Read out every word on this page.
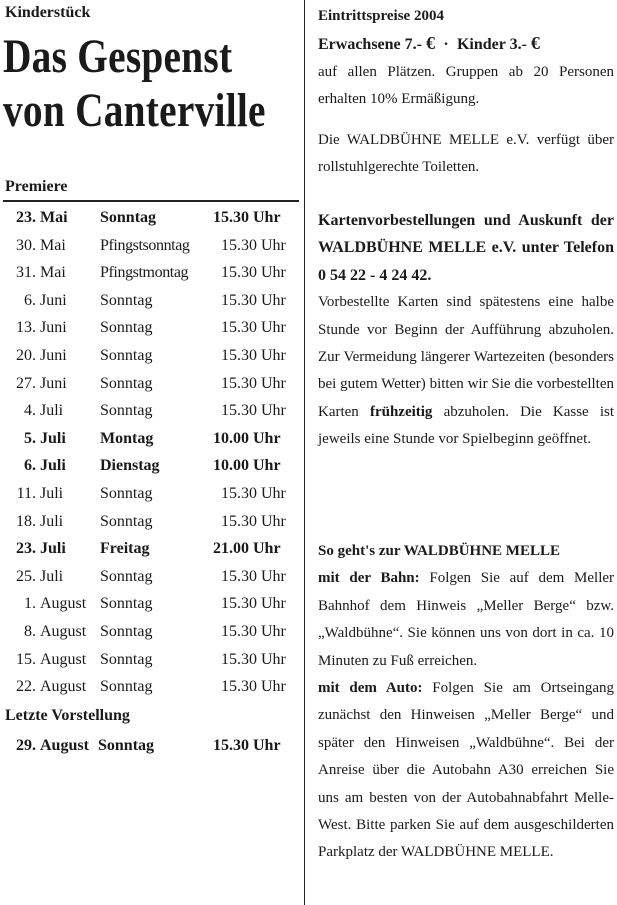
Kinderstück
Das Gespenst
von Canterville
Premiere
23. Mai Sonntag	15.30 Uhr
30. Mai Pfingstsonntag 15.30 Uhr
31. Mai Pfingstmontag 15.30 Uhr
6. Juni Sonntag	15.30 Uhr
13. Juni Sonntag	15.30 Uhr
20. Juni Sonntag	15.30 Uhr
27. Juni Sonntag	15.30 Uhr
4. Juli Sonntag	15.30 Uhr
5. Juli Montag	10.00 Uhr
6. Juli Dienstag	10.00 Uhr
11. Juli Sonntag	15.30 Uhr
18. Juli Sonntag	15.30 Uhr
23. Juli Freitag	21.00 Uhr
25. Juli Sonntag	15.30 Uhr
1. August Sonntag	15.30 Uhr
8. August Sonntag	15.30 Uhr
15. August Sonntag	15.30 Uhr
22. August Sonntag	15.30 Uhr
Letzte Vorstellung
29. August Sonntag	15.30 Uhr
Eintrittspreise 2004
Erwachsene 7.- € · Kinder 3.- €
auf allen Plätzen. Gruppen ab 20 Personen erhalten 10% Ermäßigung.
Die WALDBÜHNE MELLE e.V. verfügt über rollstuhlgerechte Toiletten.
Kartenvorbestellungen und Auskunft der WALDBÜHNE MELLE e.V. unter Telefon 0 54 22 - 4 24 42.
Vorbestellte Karten sind spätestens eine halbe Stunde vor Beginn der Aufführung abzuholen. Zur Vermeidung längerer Wartezeiten (besonders bei gutem Wetter) bitten wir Sie die vorbestellten Karten frühzeitig abzuholen. Die Kasse ist jeweils eine Stunde vor Spielbeginn geöffnet.
So geht's zur WALDBÜHNE MELLE
mit der Bahn: Folgen Sie auf dem Meller Bahnhof dem Hinweis „Meller Berge“ bzw. „Waldbühne“. Sie können uns von dort in ca. 10 Minuten zu Fuß erreichen.
mit dem Auto: Folgen Sie am Ortseingang zunächst den Hinweisen „Meller Berge“ und später den Hinweisen „Waldbühne“. Bei der Anreise über die Autobahn A30 erreichen Sie uns am besten von der Autobahnabfahrt Melle-West. Bitte parken Sie auf dem ausgeschilderten Parkplatz der WALDBÜHNE MELLE.
